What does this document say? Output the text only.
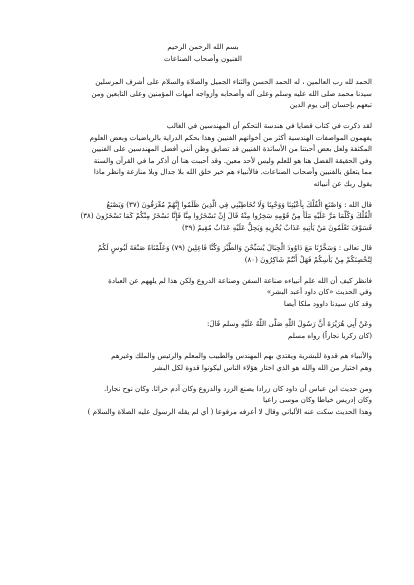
بسم الله الرحمن الرحيم

الفنيون وأصحاب الصناعات

الحمد لله رب العالمين ، له الحمد الحسن والثناء الجميل والصلاة والسلام على أشرف المرسلين
سيدنا محمد صلى الله عليه وسلم وعلى آله وأصحابه وأزواجه أمهات المؤمنين وعلى التابعين ومن
تبعهم بإحسان إلى يوم الدين
لقد ذكرت في كتاب قضايا في هندسة التحكم أن المهندسين في الغالب
يفهمون المواصفات الهندسية أكثر من أخوانهم الفنيين وهذا بحكم الدراية بالرياضيات وبعض العلوم
المكثفة ولعل بعض أحبتنا من الأساتذة الفنيين قد تضايق وظن أنني أفضل المهندسين على الفنيين
وفي الحقيقة الفضل هنا هو للعلم وليس لأحد معين. وقد أحببت هنا أن أذكر ما في القرآن والسنة
مما يتعلق بالفنيين وأصحاب الصناعات. فالأنبياء هم خير خلق الله بلا جدال وبلا منازعة وانظر ماذا
يقول ربك عن أنبيائه
قال الله : وَاصْنَعِ الْفُلْكَ بِأَعْيُنِنَا وَوَحْيِنَا وَلَا تُخَاطِبْنِي فِي الَّذِينَ ظَلَمُوا إِنَّهُمْ مُغْرَقُونَ (٣٧) وَيَصْنَعُ
الْفُلْكَ وَكُلَّمَا مَرَّ عَلَيْهِ مَلَأٌ مِنْ قَوْمِهِ سَخِرُوا مِنْهُ قَالَ إِنْ تَسْخَرُوا مِنَّا فَإِنَّا نَسْخَرُ مِنْكُمْ كَمَا تَسْخَرُونَ (٣٨)
فَسَوْفَ تَعْلَمُونَ مَنْ يَأْتِيهِ عَذَابٌ يُخْزِيهِ وَيَحِلُّ عَلَيْهِ عَذَابٌ مُقِيمٌ (٣٩)
قال تعالى : وَسَخَّرْنَا مَعَ دَاوُودَ الْجِبَالَ يُسَبِّحْنَ وَالطَّيْرَ وَكُنَّا فَاعِلِينَ (٧٩) وَعَلَّمْنَاهُ صَنْعَةَ لَبُوسٍ لَكُمْ
لِتُحْصِنَكُمْ مِنْ بَأْسِكُمْ فَهَلْ أَنْتُمْ شَاكِرُونَ (٨٠)
فانظر كيف أن الله علم أنبياءه صناعة السفن وصناعة الدروع ولكن هذا لم يلههم عن العبادة
وفي الحديث «كان داود أعبد البشر»
وقد كان سيدنا داوود ملكا أيضا
وعَنْ أَبِي هُرَيْرَةَ أَنَّ رَسُولَ اللَّهِ صَلَّى اللَّهُ عَلَيْهِ وسلم قَالَ:
(كان زكريا نجاراً) رواه مسلم
والأنبياء هم قدوة للبشرية ويقتدي بهم المهندس والطبيب والمعلم والرئيس والملك وغيرهم
وهم اختيار من الله والله هو الذي اختار هؤلاء الناس ليكونوا قدوة لكل البشر
ومن حديث ابن عباس أن داود كان زرادا يصنع الزرد والدروع وكان آدم حراثا. وكان نوح نجارا.
وكان إدريس خياطا وكان موسى راعيا
وهذا الحديث سكت عنه الألباني وقال لا أعرفه مرفوعا ( أي لم يقله الرسول عليه الصلاة والسلام )
